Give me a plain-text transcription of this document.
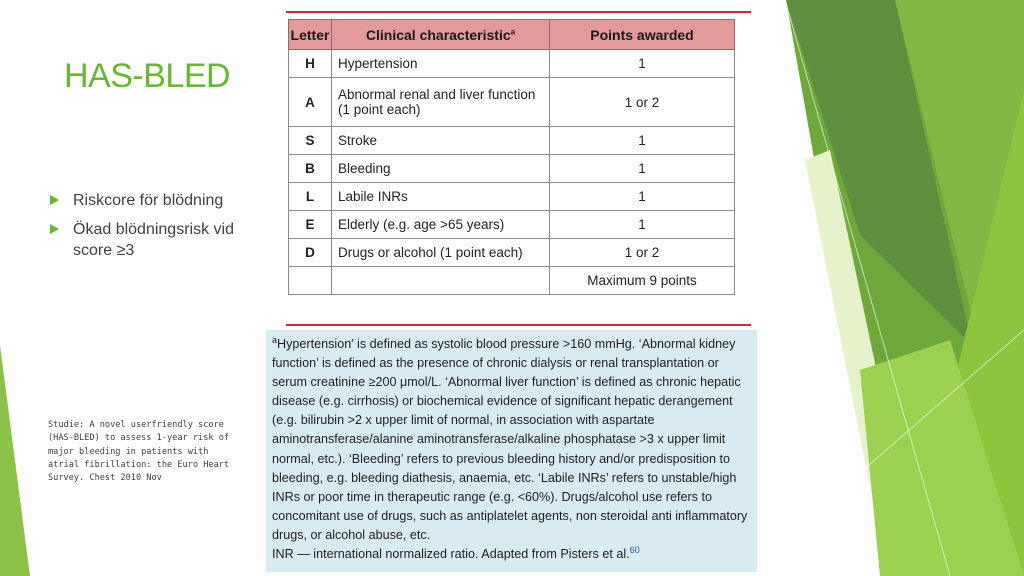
HAS-BLED
Riskcore för blödning
Ökad blödningsrisk vid score ≥3
Studie: A novel userfriendly score (HAS-BLED) to assess 1-year risk of major bleeding in patients with atrial fibrillation: the Euro Heart Survey. Chest 2010 Nov
Letter	Clinical characteristic$^a$	Points awarded
H	Hypertension	1
A	Abnormal renal and liver function (1 point each)	1 or 2
S	Stroke	1
B	Bleeding	1
L	Labile INRs	1
E	Elderly (e.g. age >65 years)	1
D	Drugs or alcohol (1 point each)	1 or 2
		Maximum 9 points
$^a$Hypertension’ is defined as systolic blood pressure >160 mmHg. ‘Abnormal kidney function’ is defined as the presence of chronic dialysis or renal transplantation or serum creatinine ≥200 μmol/L. ‘Abnormal liver function’ is defined as chronic hepatic disease (e.g. cirrhosis) or biochemical evidence of significant hepatic derangement (e.g. bilirubin >2 x upper limit of normal, in association with aspartate aminotransferase/alanine aminotransferase/alkaline phosphatase >3 x upper limit normal, etc.). ‘Bleeding’ refers to previous bleeding history and/or predisposition to bleeding, e.g. bleeding diathesis, anaemia, etc. ‘Labile INRs’ refers to unstable/high INRs or poor time in therapeutic range (e.g. <60%). Drugs/alcohol use refers to concomitant use of drugs, such as antiplatelet agents, non steroidal anti inflammatory drugs, or alcohol abuse, etc.
INR — international normalized ratio. Adapted from Pisters et al.$^{60}$
